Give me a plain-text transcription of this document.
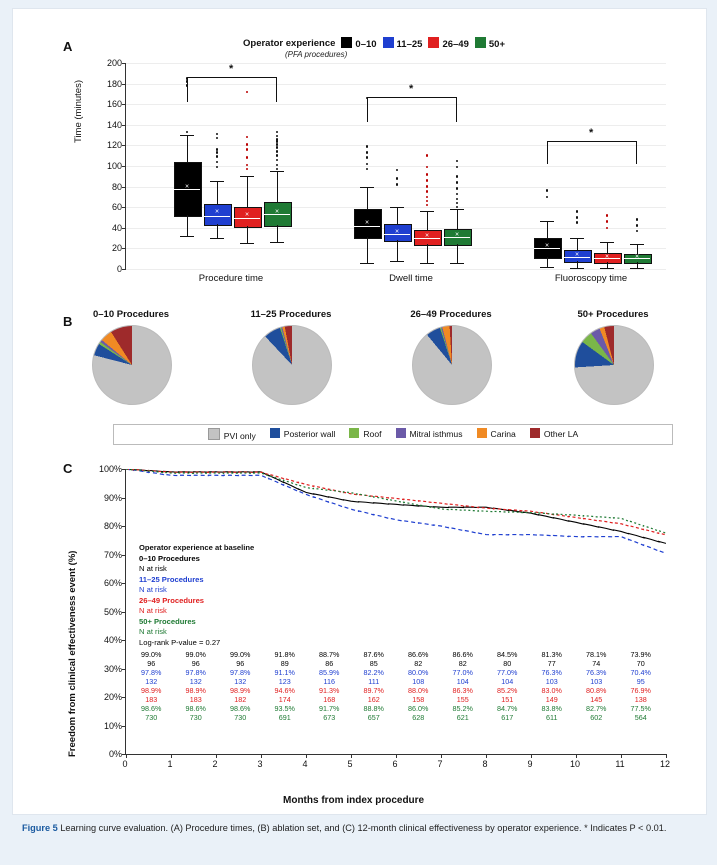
A	Operator experience	0–10	11–25	26–49	50+
(PFA procedures)
Time (minutes)
0
20
40
60
80
100
120
140
160
180
200
×
×
×
×
×
×
×
×
×
×
×
×
*
*
*
Procedure time	Dwell time	Fluoroscopy time
B 0–10 Procedures	11–25 Procedures	26–49 Procedures	50+ Procedures
PVI only	Posterior wall	Roof	Mitral isthmus	Carina	Other LA
C
Freedom from clinical effectiveness event (%)	0%
10%
20%
30%
40%
50%
60%
70%
80%
90%
100%
Months from index procedure
Operator experience at baseline
0–10 Procedures
N at risk
11–25 Procedures
N at risk
26–49 Procedures
N at risk
50+ Procedures
N at risk
Log-rank P-value = 0.27
99.0%	99.0%	99.0%	91.8%	88.7%	87.6%	86.6%	86.6%	84.5%	81.3%	78.1%	73.9%
96	96	96	89	86	85	82	82	80	77	74	70
97.8%	97.8%	97.8%	91.1%	85.9%	82.2%	80.0%	77.0%	77.0%	76.3%	76.3%	70.4%
132	132	132	123	116	111	108	104	104	103	103	95
98.9%	98.9%	98.9%	94.6%	91.3%	89.7%	88.0%	86.3%	85.2%	83.0%	80.8%	76.9%
183	183	182	174	168	162	158	155	151	149	145	138
98.6%	98.6%	98.6%	93.5%	91.7%	88.8%	86.0%	85.2%	84.7%	83.8%	82.7%	77.5%
730	730	730	691	673	657	628	621	617	611	602	564
0	1	2	3	4	5	6	7	8	9	10	11	12
Figure 5 Learning curve evaluation. (A) Procedure times, (B) ablation set, and (C) 12-month clinical effectiveness by operator experience. * Indicates P < 0.01.
